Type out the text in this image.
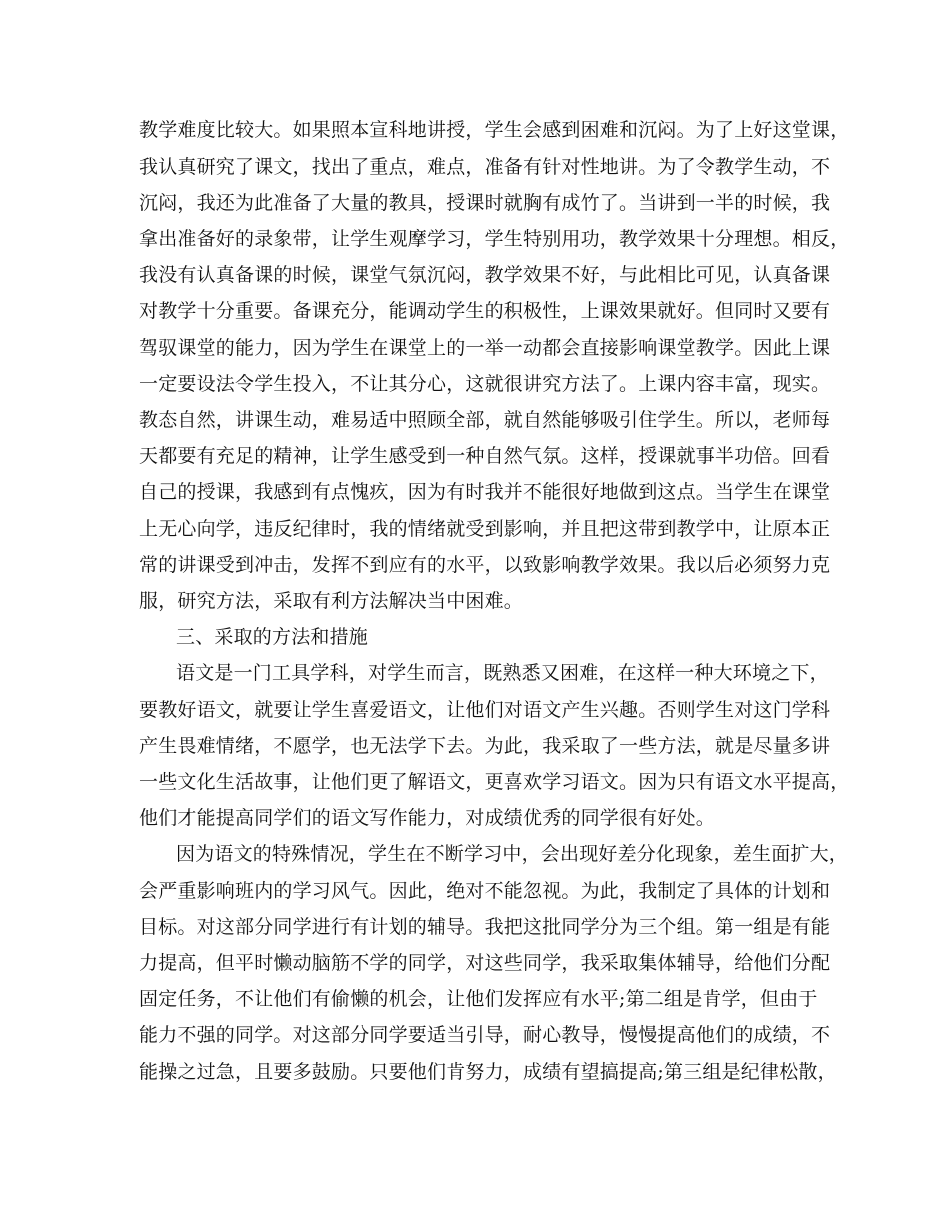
教学难度比较大。如果照本宣科地讲授，学生会感到困难和沉闷。为了上好这堂课，
我认真研究了课文，找出了重点，难点，准备有针对性地讲。为了令教学生动，不
沉闷，我还为此准备了大量的教具，授课时就胸有成竹了。当讲到一半的时候，我
拿出准备好的录象带，让学生观摩学习，学生特别用功，教学效果十分理想。相反，
我没有认真备课的时候，课堂气氛沉闷，教学效果不好，与此相比可见，认真备课
对教学十分重要。备课充分，能调动学生的积极性，上课效果就好。但同时又要有
驾驭课堂的能力，因为学生在课堂上的一举一动都会直接影响课堂教学。因此上课
一定要设法令学生投入，不让其分心，这就很讲究方法了。上课内容丰富，现实。
教态自然，讲课生动，难易适中照顾全部，就自然能够吸引住学生。所以，老师每
天都要有充足的精神，让学生感受到一种自然气氛。这样，授课就事半功倍。回看
自己的授课，我感到有点愧疚，因为有时我并不能很好地做到这点。当学生在课堂
上无心向学，违反纪律时，我的情绪就受到影响，并且把这带到教学中，让原本正
常的讲课受到冲击，发挥不到应有的水平，以致影响教学效果。我以后必须努力克
服，研究方法，采取有利方法解决当中困难。
三、采取的方法和措施
语文是一门工具学科，对学生而言，既熟悉又困难，在这样一种大环境之下，
要教好语文，就要让学生喜爱语文，让他们对语文产生兴趣。否则学生对这门学科
产生畏难情绪，不愿学，也无法学下去。为此，我采取了一些方法，就是尽量多讲
一些文化生活故事，让他们更了解语文，更喜欢学习语文。因为只有语文水平提高，
他们才能提高同学们的语文写作能力，对成绩优秀的同学很有好处。
因为语文的特殊情况，学生在不断学习中，会出现好差分化现象，差生面扩大，
会严重影响班内的学习风气。因此，绝对不能忽视。为此，我制定了具体的计划和
目标。对这部分同学进行有计划的辅导。我把这批同学分为三个组。第一组是有能
力提高，但平时懒动脑筋不学的同学，对这些同学，我采取集体辅导，给他们分配
固定任务，不让他们有偷懒的机会，让他们发挥应有水平;第二组是肯学，但由于
能力不强的同学。对这部分同学要适当引导，耐心教导，慢慢提高他们的成绩，不
能操之过急，且要多鼓励。只要他们肯努力，成绩有望搞提高;第三组是纪律松散，
